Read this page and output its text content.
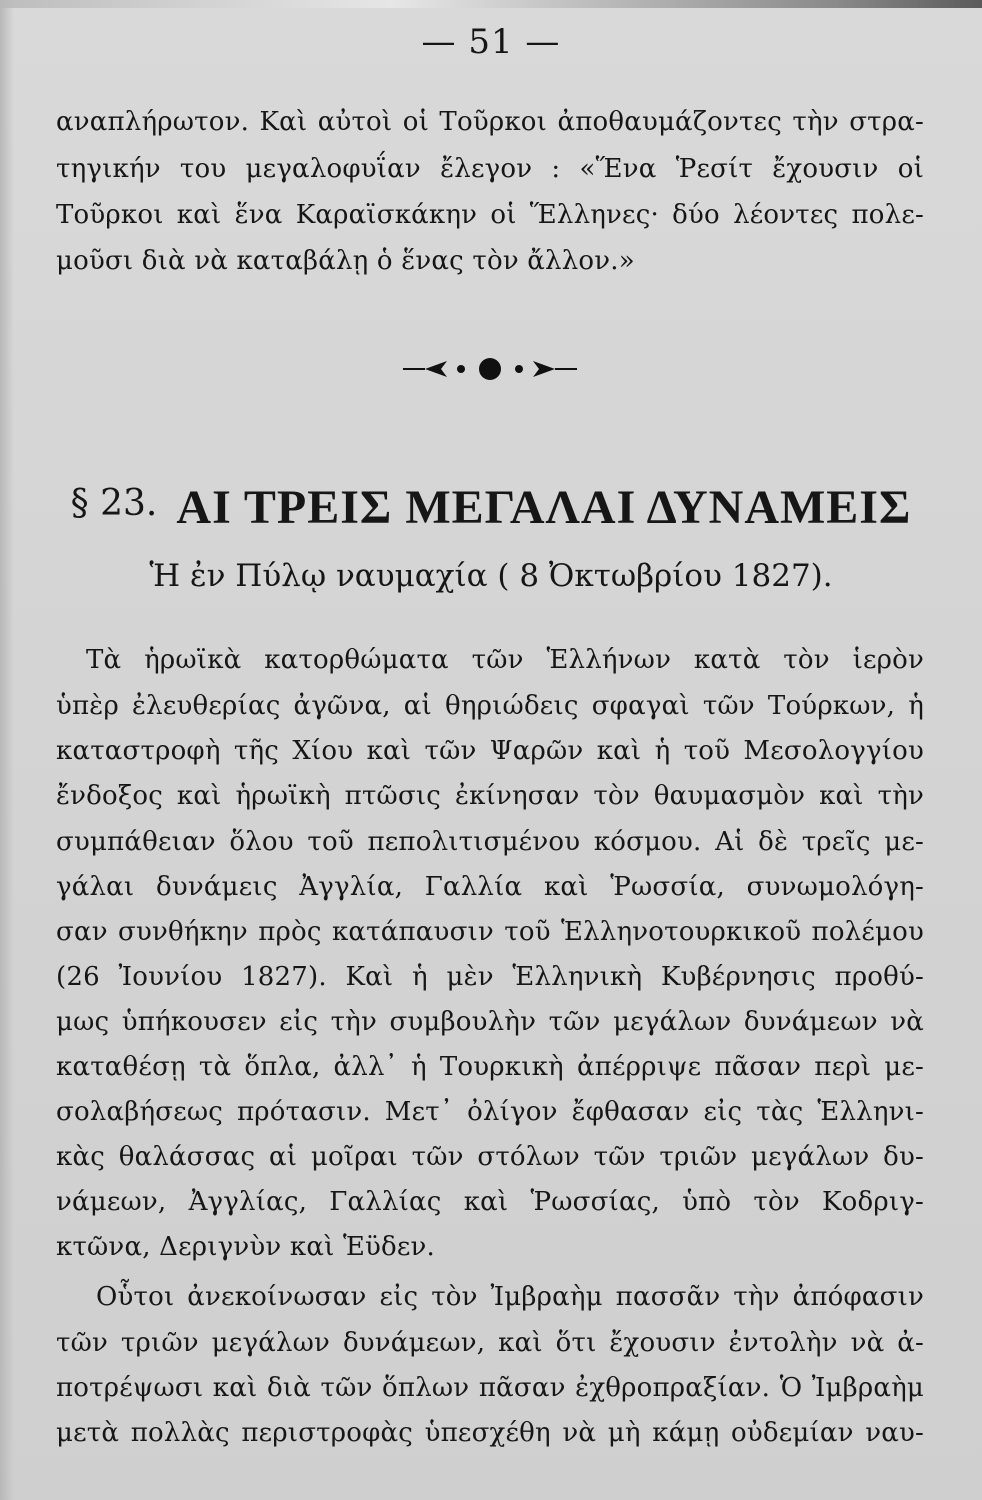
— 51 —
αναπλήρωτον. Καὶ αὐτοὶ οἱ Τοῦρκοι ἀποθαυμάζοντες τὴν στρα-
τηγικήν του μεγαλοφυΐαν ἔλεγον : «Ἕνα Ῥεσίτ ἔχουσιν οἱ
Τοῦρκοι καὶ ἕνα Καραϊσκάκην οἱ Ἕλληνες· δύο λέοντες πολε-
μοῦσι διὰ νὰ καταβάλῃ ὁ ἕνας τὸν ἄλλον.»
§ 23. ΑΙ ΤΡΕΙΣ ΜΕΓΑΛΑΙ ΔΥΝΑΜΕΙΣ
Ἡ ἐν Πύλῳ ναυμαχία ( 8 Ὀκτωβρίου 1827).
Τὰ ἡρωϊκὰ κατορθώματα τῶν Ἑλλήνων κατὰ τὸν ἱερὸν
ὑπὲρ ἐλευθερίας ἀγῶνα, αἱ θηριώδεις σφαγαὶ τῶν Τούρκων, ἡ
καταστροφὴ τῆς Χίου καὶ τῶν Ψαρῶν καὶ ἡ τοῦ Μεσολογγίου
ἔνδοξος καὶ ἡρωϊκὴ πτῶσις ἐκίνησαν τὸν θαυμασμὸν καὶ τὴν
συμπάθειαν ὅλου τοῦ πεπολιτισμένου κόσμου. Αἱ δὲ τρεῖς με-
γάλαι δυνάμεις Ἀγγλία, Γαλλία καὶ Ῥωσσία, συνωμολόγη-
σαν συνθήκην πρὸς κατάπαυσιν τοῦ Ἑλληνοτουρκικοῦ πολέμου
(26 Ἰουνίου 1827). Καὶ ἡ μὲν Ἑλληνικὴ Κυβέρνησις προθύ-
μως ὑπήκουσεν εἰς τὴν συμβουλὴν τῶν μεγάλων δυνάμεων νὰ
καταθέσῃ τὰ ὅπλα, ἀλλ᾽ ἡ Τουρκικὴ ἀπέρριψε πᾶσαν περὶ με-
σολαβήσεως πρότασιν. Μετ᾽ ὀλίγον ἔφθασαν εἰς τὰς Ἑλληνι-
κὰς θαλάσσας αἱ μοῖραι τῶν στόλων τῶν τριῶν μεγάλων δυ-
νάμεων, Ἀγγλίας, Γαλλίας καὶ Ῥωσσίας, ὑπὸ τὸν Κοδριγ-
κτῶνα, Δεριγνὺν καὶ Ἑϋδεν.
Οὗτοι ἀνεκοίνωσαν εἰς τὸν Ἰμβραὴμ πασσᾶν τὴν ἀπόφασιν
τῶν τριῶν μεγάλων δυνάμεων, καὶ ὅτι ἔχουσιν ἐντολὴν νὰ ἀ-
ποτρέψωσι καὶ διὰ τῶν ὅπλων πᾶσαν ἐχθροπραξίαν. Ὁ Ἰμβραὴμ
μετὰ πολλὰς περιστροφὰς ὑπεσχέθη νὰ μὴ κάμῃ οὐδεμίαν ναυ-
